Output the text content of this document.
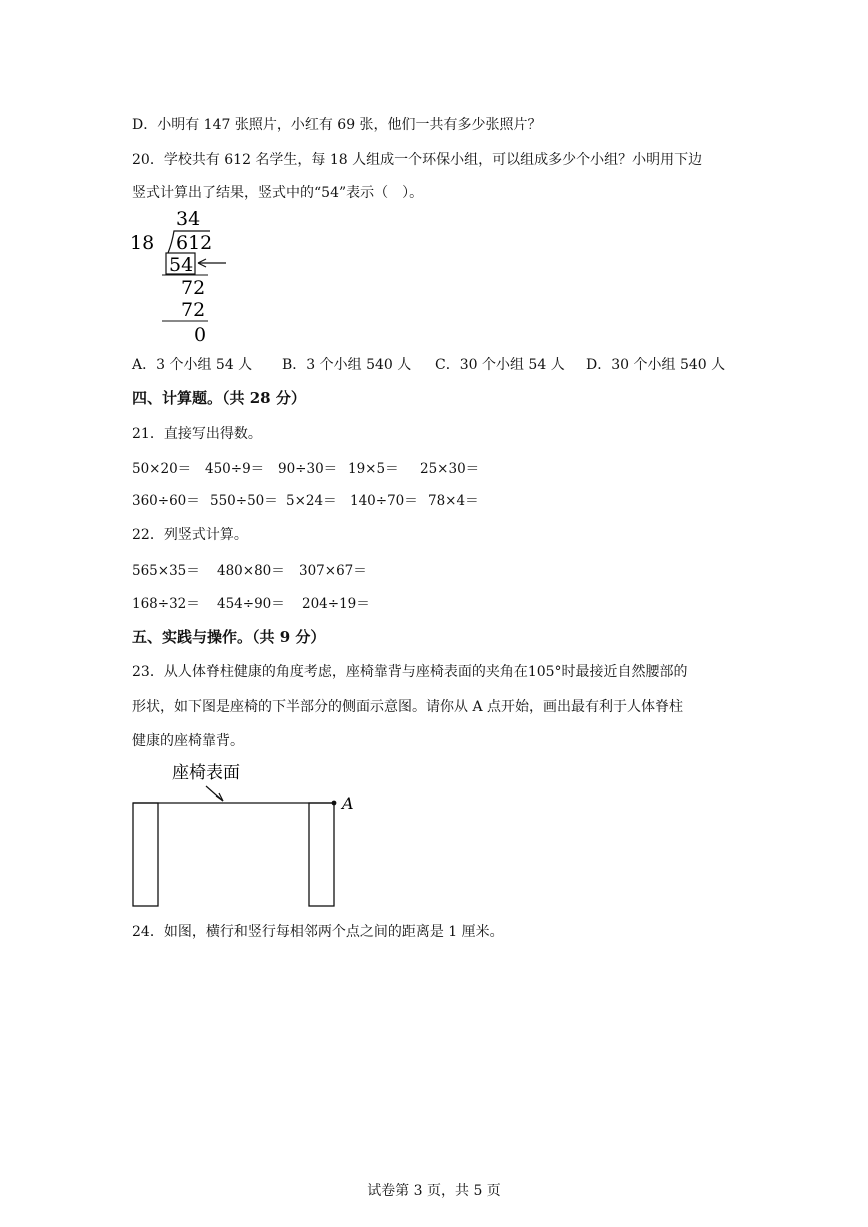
D．小明有 147 张照片，小红有 69 张，他们一共有多少张照片？
20．学校共有 612 名学生，每 18 人组成一个环保小组，可以组成多少个小组？小明用下边
竖式计算出了结果，竖式中的“54”表示（　）。
34
18 612
54
72
72
0
A．3 个小组 54 人 B．3 个小组 540 人 C．30 个小组 54 人 D．30 个小组 540 人
四、计算题。（共 28 分）
21．直接写出得数。
50×20＝ 450÷9＝ 90÷30＝ 19×5＝ 25×30＝
360÷60＝ 550÷50＝ 5×24＝ 140÷70＝ 78×4＝
22．列竖式计算。
565×35＝ 480×80＝ 307×67＝
168÷32＝ 454÷90＝ 204÷19＝
五、实践与操作。（共 9 分）
23．从人体脊柱健康的角度考虑，座椅靠背与座椅表面的夹角在105°时最接近自然腰部的
形状，如下图是座椅的下半部分的侧面示意图。请你从 A 点开始，画出最有利于人体脊柱
健康的座椅靠背。
座椅表面
A
24．如图，横行和竖行每相邻两个点之间的距离是 1 厘米。
试卷第 3 页，共 5 页
